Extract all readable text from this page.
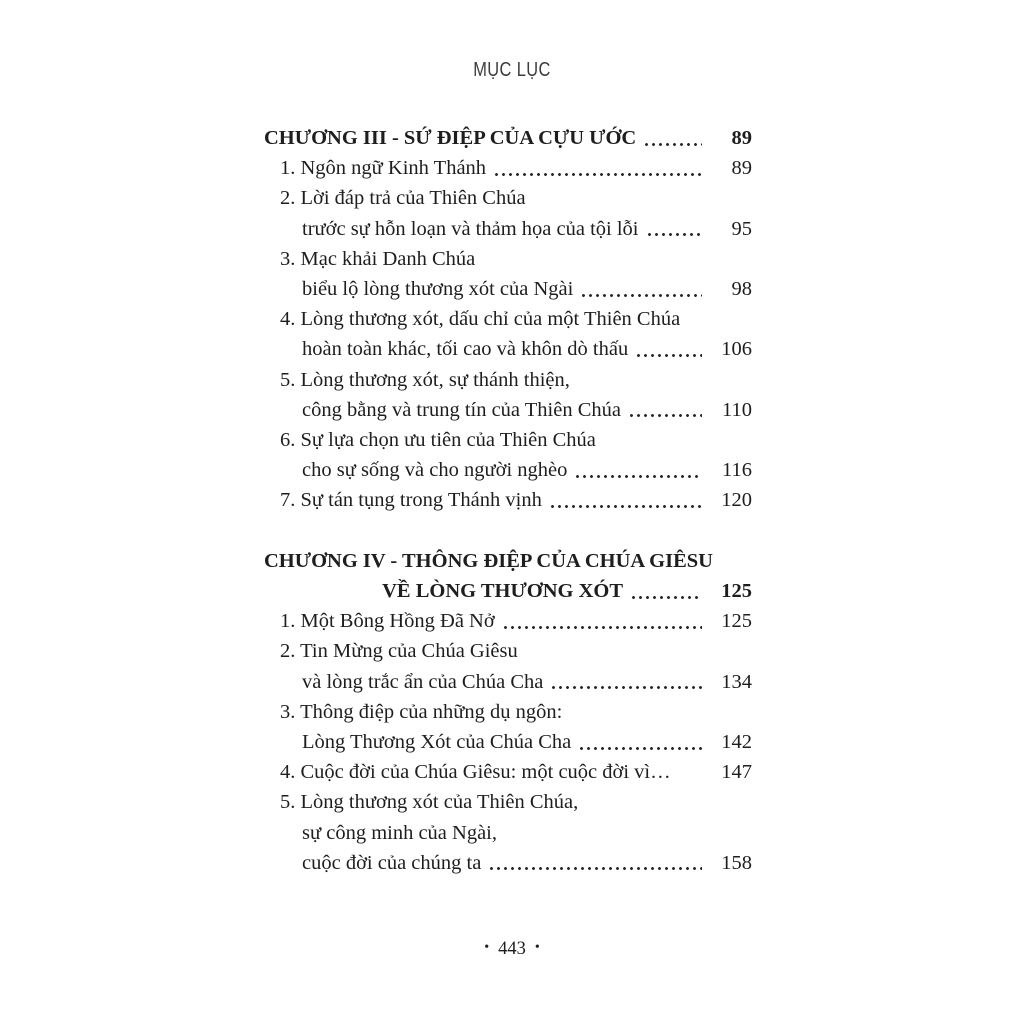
MỤC LỤC
CHƯƠNG III - SỨ ĐIỆP CỦA CỰU ƯỚC	89
1. Ngôn ngữ Kinh Thánh	89
2. Lời đáp trả của Thiên Chúa
trước sự hỗn loạn và thảm họa của tội lỗi	95
3. Mạc khải Danh Chúa
biểu lộ lòng thương xót của Ngài	98
4. Lòng thương xót, dấu chỉ của một Thiên Chúa
hoàn toàn khác, tối cao và khôn dò thấu	106
5. Lòng thương xót, sự thánh thiện,
công bằng và trung tín của Thiên Chúa	110
6. Sự lựa chọn ưu tiên của Thiên Chúa
cho sự sống và cho người nghèo	116
7. Sự tán tụng trong Thánh vịnh	120
CHƯƠNG IV - THÔNG ĐIỆP CỦA CHÚA GIÊSU
VỀ LÒNG THƯƠNG XÓT	125
1. Một Bông Hồng Đã Nở	125
2. Tin Mừng của Chúa Giêsu
và lòng trắc ẩn của Chúa Cha	134
3. Thông điệp của những dụ ngôn:
Lòng Thương Xót của Chúa Cha	142
4. Cuộc đời của Chúa Giêsu: một cuộc đời vì…	147
5. Lòng thương xót của Thiên Chúa,
sự công minh của Ngài,
cuộc đời của chúng ta	158
• 443 •
